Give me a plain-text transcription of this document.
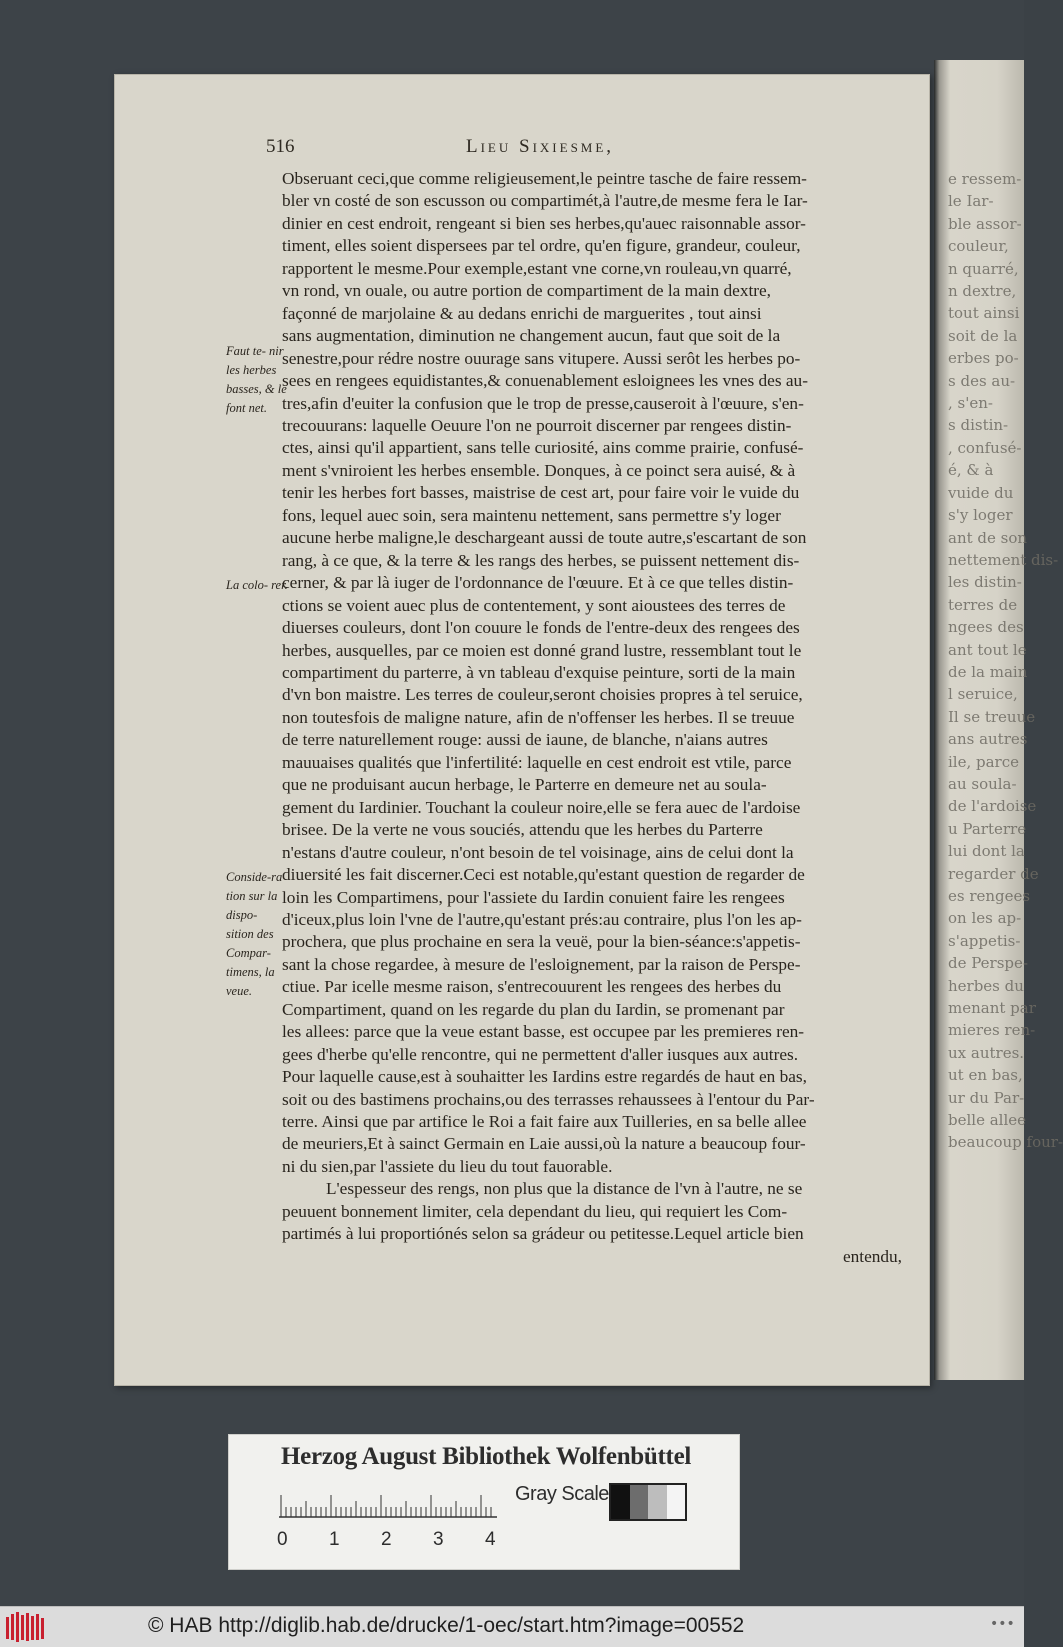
e ressem-
le Iar-
ble assor-
couleur,
n quarré,
n dextre,
tout ainsi
soit de la
erbes po-
s des au-
, s'en-
s distin-
, confusé-
é, & à
vuide du
s'y loger
ant de son
nettement dis-
les distin-
terres de
ngees des
ant tout le
de la main
l seruice,
Il se treuue
ans autres
ile, parce
au soula-
de l'ardoise
u Parterre
lui dont la
regarder de
es rengees
on les ap-
s'appetis-
de Perspe-
herbes du
menant par
mieres ren-
ux autres.
ut en bas,
ur du Par-
belle allee
beaucoup four-
516	Lieu Sixiesme,
Obseruant ceci,que comme religieusement,le peintre tasche de faire ressem-
bler vn costé de son escusson ou compartimét,à l'autre,de mesme fera le Iar-
dinier en cest endroit, rengeant si bien ses herbes,qu'auec raisonnable assor-
timent, elles soient dispersees par tel ordre, qu'en figure, grandeur, couleur,
rapportent le mesme.Pour exemple,estant vne corne,vn rouleau,vn quarré,
vn rond, vn ouale, ou autre portion de compartiment de la main dextre,
façonné de marjolaine & au dedans enrichi de marguerites , tout ainsi
sans augmentation, diminution ne changement aucun, faut que soit de la
senestre,pour rédre nostre ouurage sans vitupere. Aussi serôt les herbes po-
sees en rengees equidistantes,& conuenablement esloignees les vnes des au-
tres,afin d'euiter la confusion que le trop de presse,causeroit à l'œuure, s'en-
trecouurans: laquelle Oeuure l'on ne pourroit discerner par rengees distin-
ctes, ainsi qu'il appartient, sans telle curiosité, ains comme prairie, confusé-
ment s'vniroient les herbes ensemble. Donques, à ce poinct sera auisé, & à
tenir les herbes fort basses, maistrise de cest art, pour faire voir le vuide du
fons, lequel auec soin, sera maintenu nettement, sans permettre s'y loger
aucune herbe maligne,le deschargeant aussi de toute autre,s'escartant de son
rang, à ce que, & la terre & les rangs des herbes, se puissent nettement dis-
cerner, & par là iuger de l'ordonnance de l'œuure. Et à ce que telles distin-
ctions se voient auec plus de contentement, y sont aioustees des terres de
diuerses couleurs, dont l'on couure le fonds de l'entre-deux des rengees des
herbes, ausquelles, par ce moien est donné grand lustre, ressemblant tout le
compartiment du parterre, à vn tableau d'exquise peinture, sorti de la main
d'vn bon maistre. Les terres de couleur,seront choisies propres à tel seruice,
non toutesfois de maligne nature, afin de n'offenser les herbes. Il se treuue
de terre naturellement rouge: aussi de iaune, de blanche, n'aians autres
mauuaises qualités que l'infertilité: laquelle en cest endroit est vtile, parce
que ne produisant aucun herbage, le Parterre en demeure net au soula-
gement du Iardinier. Touchant la couleur noire,elle se fera auec de l'ardoise
brisee. De la verte ne vous souciés, attendu que les herbes du Parterre
n'estans d'autre couleur, n'ont besoin de tel voisinage, ains de celui dont la
diuersité les fait discerner.Ceci est notable,qu'estant question de regarder de
loin les Compartimens, pour l'assiete du Iardin conuient faire les rengees
d'iceux,plus loin l'vne de l'autre,qu'estant prés:au contraire, plus l'on les ap-
prochera, que plus prochaine en sera la veuë, pour la bien-séance:s'appetis-
sant la chose regardee, à mesure de l'esloignement, par la raison de Perspe-
ctiue. Par icelle mesme raison, s'entrecouurent les rengees des herbes du
Compartiment, quand on les regarde du plan du Iardin, se promenant par
les allees: parce que la veue estant basse, est occupee par les premieres ren-
gees d'herbe qu'elle rencontre, qui ne permettent d'aller iusques aux autres.
Pour laquelle cause,est à souhaitter les Iardins estre regardés de haut en bas,
soit ou des bastimens prochains,ou des terrasses rehaussees à l'entour du Par-
terre. Ainsi que par artifice le Roi a fait faire aux Tuilleries, en sa belle allee
de meuriers,Et à sainct Germain en Laie aussi,où la nature a beaucoup four-
ni du sien,par l'assiete du lieu du tout fauorable.
L'espesseur des rengs, non plus que la distance de l'vn à l'autre, ne se
peuuent bonnement limiter, cela dependant du lieu, qui requiert les Com-
partimés à lui proportiónés selon sa grádeur ou petitesse.Lequel article bien
entendu,
Faut te- nir les herbes basses, & le font net.
La colo- rer.
Conside-ra tion sur la dispo- sition des Compar- timens, la veue.
Herzog August Bibliothek Wolfenbüttel
Gray Scale
0 1 2 3 4
© HAB http://diglib.hab.de/drucke/1-oec/start.htm?image=00552	•••
